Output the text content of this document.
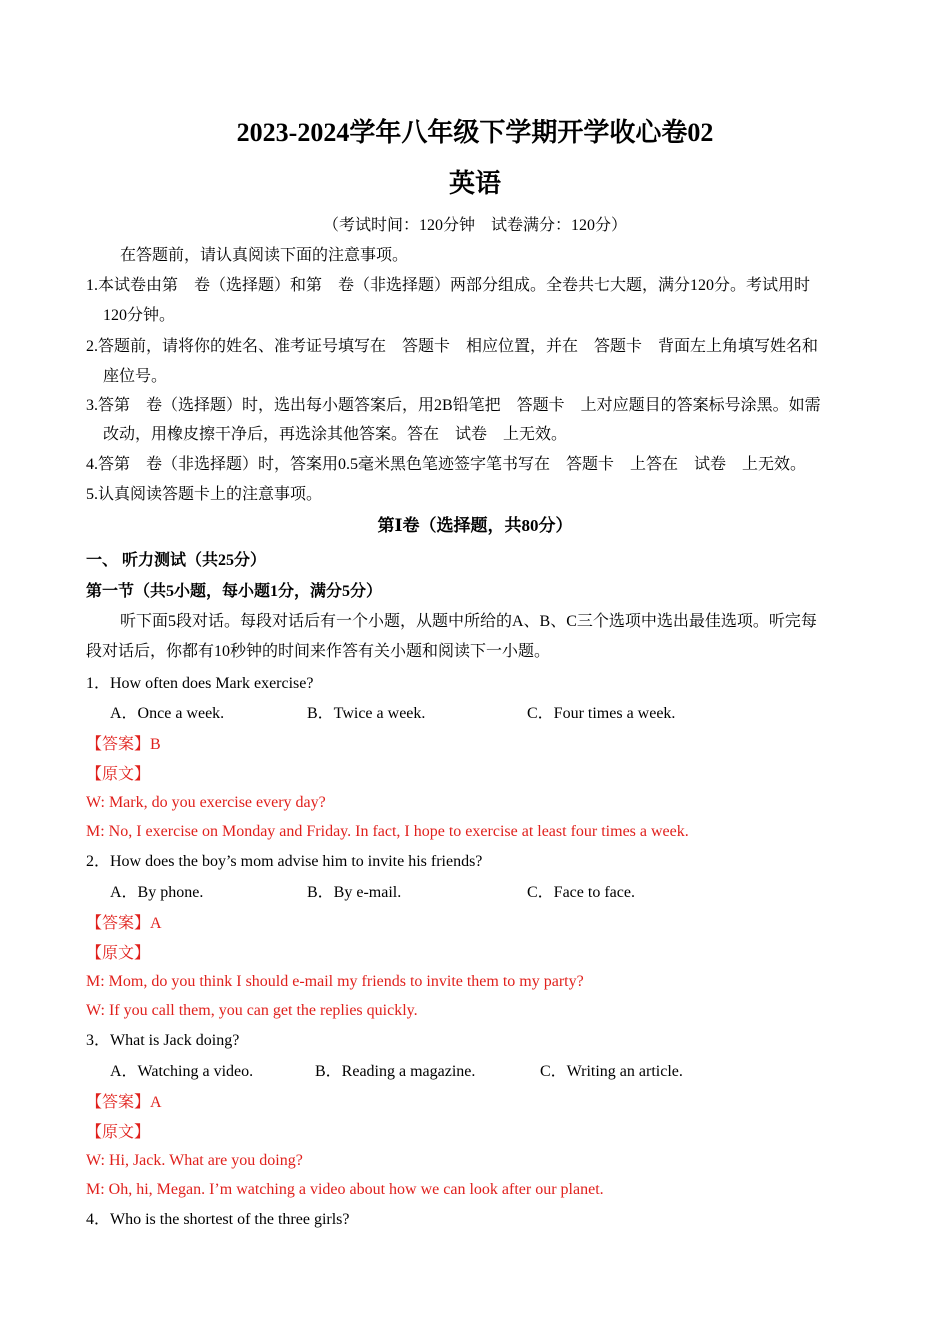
2023-2024学年八年级下学期开学收心卷02
英语
（考试时间：120分钟　试卷满分：120分）
在答题前，请认真阅读下面的注意事项。
1.本试卷由第　卷（选择题）和第　卷（非选择题）两部分组成。全卷共七大题，满分120分。考试用时
120分钟。
2.答题前，请将你的姓名、准考证号填写在　答题卡　相应位置，并在　答题卡　背面左上角填写姓名和
座位号。
3.答第　卷（选择题）时，选出每小题答案后，用2B铅笔把　答题卡　上对应题目的答案标号涂黑。如需
改动，用橡皮擦干净后，再选涂其他答案。答在　试卷　上无效。
4.答第　卷（非选择题）时，答案用0.5毫米黑色笔迹签字笔书写在　答题卡　上答在　试卷　上无效。
5.认真阅读答题卡上的注意事项。
第Ⅰ卷（选择题，共80分）
一、 听力测试（共25分）
第一节（共5小题，每小题1分，满分5分）
听下面5段对话。每段对话后有一个小题，从题中所给的A、B、C三个选项中选出最佳选项。听完每
段对话后，你都有10秒钟的时间来作答有关小题和阅读下一小题。
1．How often does Mark exercise?
A．Once a week.	B．Twice a week.	C．Four times a week.
【答案】B
【原文】
W: Mark, do you exercise every day?
M: No, I exercise on Monday and Friday. In fact, I hope to exercise at least four times a week.
2．How does the boy’s mom advise him to invite his friends?
A．By phone.	B．By e-mail.	C．Face to face.
【答案】A
【原文】
M: Mom, do you think I should e-mail my friends to invite them to my party?
W: If you call them, you can get the replies quickly.
3．What is Jack doing?
A．Watching a video.	B．Reading a magazine.	C．Writing an article.
【答案】A
【原文】
W: Hi, Jack. What are you doing?
M: Oh, hi, Megan. I’m watching a video about how we can look after our planet.
4．Who is the shortest of the three girls?
